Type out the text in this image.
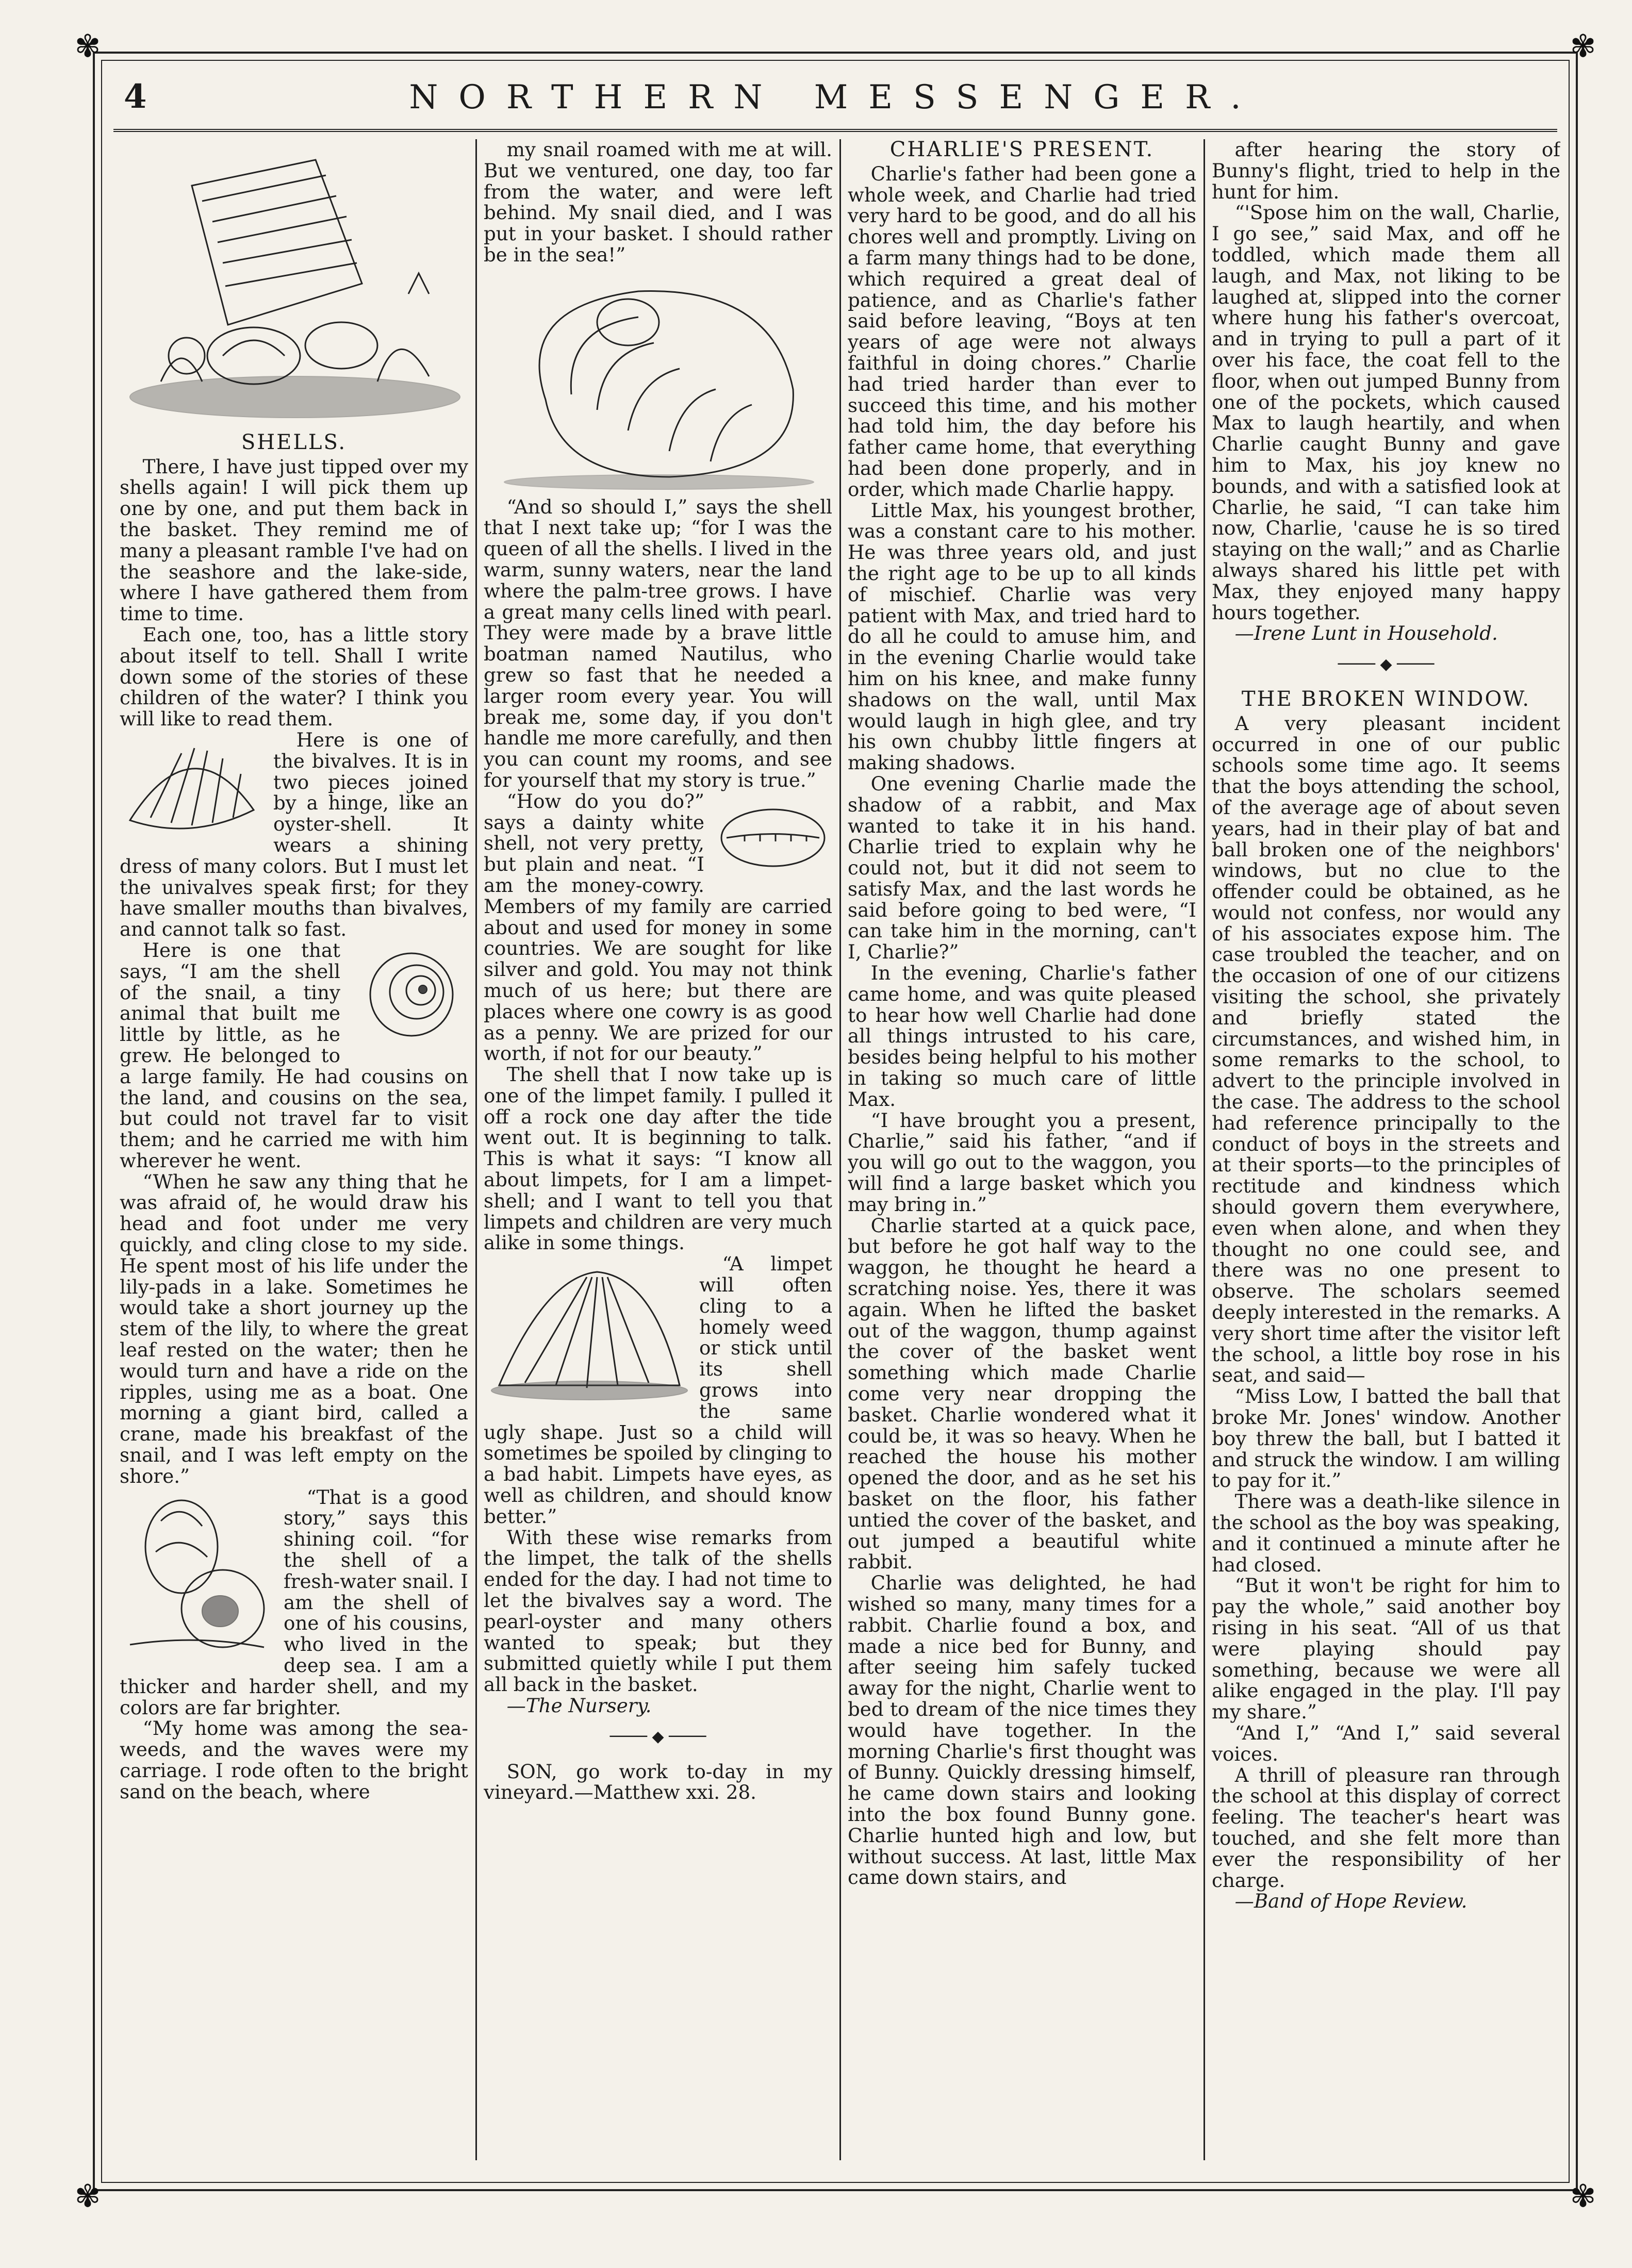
✾	✾
✾	✾
4	NORTHERN MESSENGER.
SHELLS.

There, I have just tipped over my shells again! I will pick them up one by one, and put them back in the basket. They remind me of many a pleasant ramble I've had on the seashore and the lake-side, where I have gathered them from time to time.

Each one, too, has a little story about itself to tell. Shall I write down some of the stories of these children of the water? I think you will like to read them.

Here is one of the bivalves. It is in two pieces joined by a hinge, like an oyster-shell. It wears a shining dress of many colors. But I must let the univalves speak first; for they have smaller mouths than bivalves, and cannot talk so fast.

Here is one that says, “I am the shell of the snail, a tiny animal that built me little by little, as he grew. He belonged to a large family. He had cousins on the land, and cousins on the sea, but could not travel far to visit them; and he carried me with him wherever he went.

“When he saw any thing that he was afraid of, he would draw his head and foot under me very quickly, and cling close to my side. He spent most of his life under the lily-pads in a lake. Sometimes he would take a short journey up the stem of the lily, to where the great leaf rested on the water; then he would turn and have a ride on the ripples, using me as a boat. One morning a giant bird, called a crane, made his breakfast of the snail, and I was left empty on the shore.”

“That is a good story,” says this shining coil. “for the shell of a fresh-water snail. I am the shell of one of his cousins, who lived in the deep sea. I am a thicker and harder shell, and my colors are far brighter.

“My home was among the sea-weeds, and the waves were my carriage. I rode often to the bright sand on the beach, where

my snail roamed with me at will. But we ventured, one day, too far from the water, and were left behind. My snail died, and I was put in your basket. I should rather be in the sea!”

“And so should I,” says the shell that I next take up; “for I was the queen of all the shells. I lived in the warm, sunny waters, near the land where the palm-tree grows. I have a great many cells lined with pearl. They were made by a brave little boatman named Nautilus, who grew so fast that he needed a larger room every year. You will break me, some day, if you don't handle me more carefully, and then you can count my rooms, and see for yourself that my story is true.”

“How do you do?” says a dainty white shell, not very pretty, but plain and neat. “I am the money-cowry. Members of my family are carried about and used for money in some countries. We are sought for like silver and gold. You may not think much of us here; but there are places where one cowry is as good as a penny. We are prized for our worth, if not for our beauty.”

The shell that I now take up is one of the limpet family. I pulled it off a rock one day after the tide went out. It is beginning to talk. This is what it says: “I know all about limpets, for I am a limpet-shell; and I want to tell you that limpets and children are very much alike in some things.

“A limpet will often cling to a homely weed or stick until its shell grows into the same ugly shape. Just so a child will sometimes be spoiled by clinging to a bad habit. Limpets have eyes, as well as children, and should know better.”

With these wise remarks from the limpet, the talk of the shells ended for the day. I had not time to let the bivalves say a word. The pearl-oyster and many others wanted to speak; but they submitted quietly while I put them all back in the basket.

—The Nursery.

──── ◆ ────

SON, go work to-day in my vineyard.—Matthew xxi. 28.

CHARLIE'S PRESENT.

Charlie's father had been gone a whole week, and Charlie had tried very hard to be good, and do all his chores well and promptly. Living on a farm many things had to be done, which required a great deal of patience, and as Charlie's father said before leaving, “Boys at ten years of age were not always faithful in doing chores.” Charlie had tried harder than ever to succeed this time, and his mother had told him, the day before his father came home, that everything had been done properly, and in order, which made Charlie happy.

Little Max, his youngest brother, was a constant care to his mother. He was three years old, and just the right age to be up to all kinds of mischief. Charlie was very patient with Max, and tried hard to do all he could to amuse him, and in the evening Charlie would take him on his knee, and make funny shadows on the wall, until Max would laugh in high glee, and try his own chubby little fingers at making shadows.

One evening Charlie made the shadow of a rabbit, and Max wanted to take it in his hand. Charlie tried to explain why he could not, but it did not seem to satisfy Max, and the last words he said before going to bed were, “I can take him in the morning, can't I, Charlie?”

In the evening, Charlie's father came home, and was quite pleased to hear how well Charlie had done all things intrusted to his care, besides being helpful to his mother in taking so much care of little Max.

“I have brought you a present, Charlie,” said his father, “and if you will go out to the waggon, you will find a large basket which you may bring in.”

Charlie started at a quick pace, but before he got half way to the waggon, he thought he heard a scratching noise. Yes, there it was again. When he lifted the basket out of the waggon, thump against the cover of the basket went something which made Charlie come very near dropping the basket. Charlie wondered what it could be, it was so heavy. When he reached the house his mother opened the door, and as he set his basket on the floor, his father untied the cover of the basket, and out jumped a beautiful white rabbit.

Charlie was delighted, he had wished so many, many times for a rabbit. Charlie found a box, and made a nice bed for Bunny, and after seeing him safely tucked away for the night, Charlie went to bed to dream of the nice times they would have together. In the morning Charlie's first thought was of Bunny. Quickly dressing himself, he came down stairs and looking into the box found Bunny gone. Charlie hunted high and low, but without success. At last, little Max came down stairs, and

after hearing the story of Bunny's flight, tried to help in the hunt for him.

“'Spose him on the wall, Charlie, I go see,” said Max, and off he toddled, which made them all laugh, and Max, not liking to be laughed at, slipped into the corner where hung his father's overcoat, and in trying to pull a part of it over his face, the coat fell to the floor, when out jumped Bunny from one of the pockets, which caused Max to laugh heartily, and when Charlie caught Bunny and gave him to Max, his joy knew no bounds, and with a satisfied look at Charlie, he said, “I can take him now, Charlie, 'cause he is so tired staying on the wall;” and as Charlie always shared his little pet with Max, they enjoyed many happy hours together.

—Irene Lunt in Household.

──── ◆ ────
THE BROKEN WINDOW.

A very pleasant incident occurred in one of our public schools some time ago. It seems that the boys attending the school, of the average age of about seven years, had in their play of bat and ball broken one of the neighbors' windows, but no clue to the offender could be obtained, as he would not confess, nor would any of his associates expose him. The case troubled the teacher, and on the occasion of one of our citizens visiting the school, she privately and briefly stated the circumstances, and wished him, in some remarks to the school, to advert to the principle involved in the case. The address to the school had reference principally to the conduct of boys in the streets and at their sports—to the principles of rectitude and kindness which should govern them everywhere, even when alone, and when they thought no one could see, and there was no one present to observe. The scholars seemed deeply interested in the remarks. A very short time after the visitor left the school, a little boy rose in his seat, and said—

“Miss Low, I batted the ball that broke Mr. Jones' window. Another boy threw the ball, but I batted it and struck the window. I am willing to pay for it.”

There was a death-like silence in the school as the boy was speaking, and it continued a minute after he had closed.

“But it won't be right for him to pay the whole,” said another boy rising in his seat. “All of us that were playing should pay something, because we were all alike engaged in the play. I'll pay my share.”

“And I,” “And I,” said several voices.

A thrill of pleasure ran through the school at this display of correct feeling. The teacher's heart was touched, and she felt more than ever the responsibility of her charge.

—Band of Hope Review.
